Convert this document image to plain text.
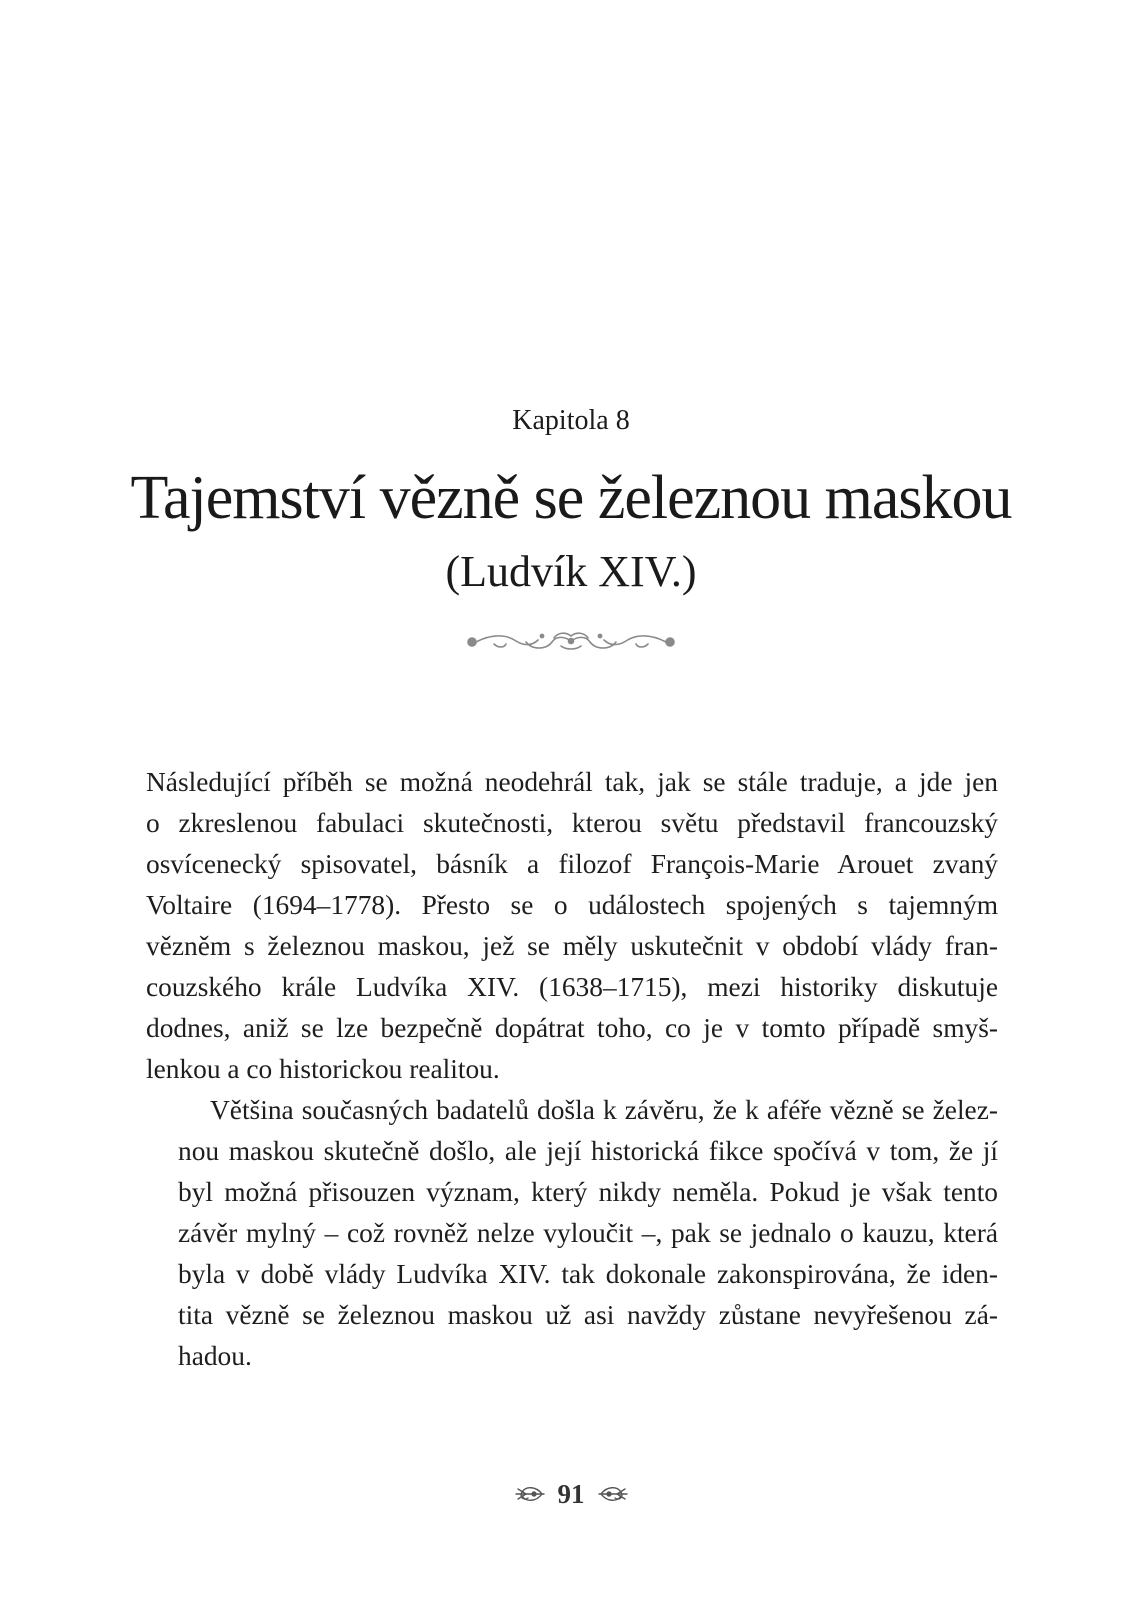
Kapitola 8
Tajemství vězně se železnou maskou
(Ludvík XIV.)

Následující příběh se možná neodehrál tak, jak se stále traduje, a jde jen
o zkreslenou fabulaci skutečnosti, kterou světu představil francouzský
osvícenecký spisovatel, básník a filozof François-Marie Arouet zvaný
Voltaire (1694–1778). Přesto se o událostech spojených s tajemným
vězněm s železnou maskou, jež se měly uskutečnit v období vlády fran-
couzského krále Ludvíka XIV. (1638–1715), mezi historiky diskutuje
dodnes, aniž se lze bezpečně dopátrat toho, co je v tomto případě smyš-
lenkou a co historickou realitou.

Většina současných badatelů došla k závěru, že k aféře vězně se želez-
nou maskou skutečně došlo, ale její historická fikce spočívá v tom, že jí
byl možná přisouzen význam, který nikdy neměla. Pokud je však tento
závěr mylný – což rovněž nelze vyloučit –, pak se jednalo o kauzu, která
byla v době vlády Ludvíka XIV. tak dokonale zakonspirována, že iden-
tita vězně se železnou maskou už asi navždy zůstane nevyřešenou zá-
hadou.

91
